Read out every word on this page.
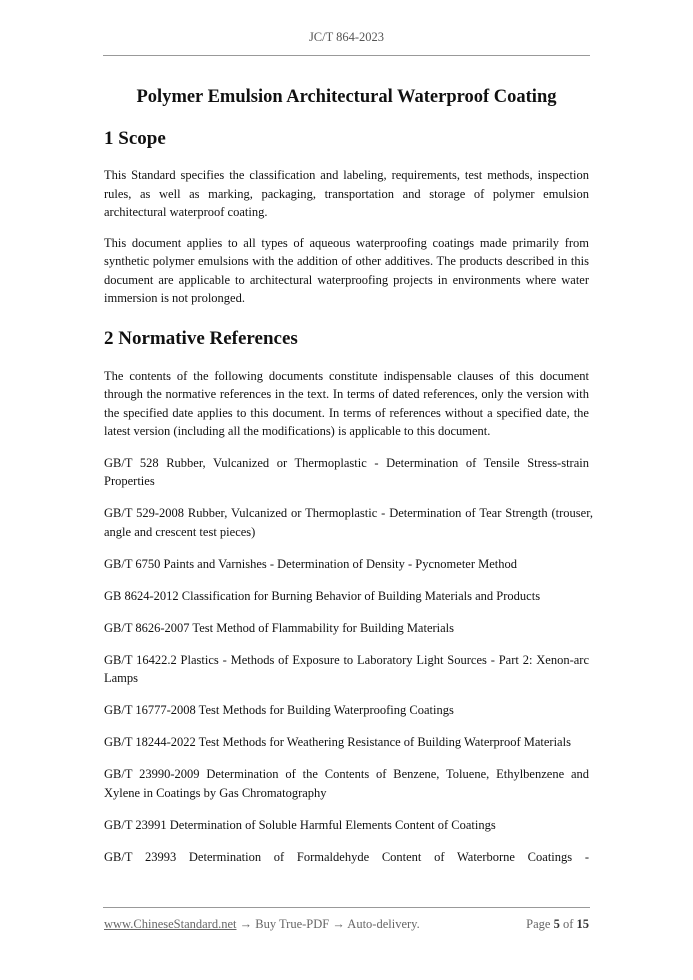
JC/T 864-2023
Polymer Emulsion Architectural Waterproof Coating
1 Scope

This Standard specifies the classification and labeling, requirements, test methods, inspection rules, as well as marking, packaging, transportation and storage of polymer emulsion architectural waterproof coating.

This document applies to all types of aqueous waterproofing coatings made primarily from synthetic polymer emulsions with the addition of other additives. The products described in this document are applicable to architectural waterproofing projects in environments where water immersion is not prolonged.

2 Normative References

The contents of the following documents constitute indispensable clauses of this document through the normative references in the text. In terms of dated references, only the version with the specified date applies to this document. In terms of references without a specified date, the latest version (including all the modifications) is applicable to this document.

GB/T 528 Rubber, Vulcanized or Thermoplastic - Determination of Tensile Stress-strain Properties

GB/T 529-2008 Rubber, Vulcanized or Thermoplastic - Determination of Tear Strength (trouser, angle and crescent test pieces)

GB/T 6750 Paints and Varnishes - Determination of Density - Pycnometer Method

GB 8624-2012 Classification for Burning Behavior of Building Materials and Products

GB/T 8626-2007 Test Method of Flammability for Building Materials

GB/T 16422.2 Plastics - Methods of Exposure to Laboratory Light Sources - Part 2: Xenon-arc Lamps

GB/T 16777-2008 Test Methods for Building Waterproofing Coatings

GB/T 18244-2022 Test Methods for Weathering Resistance of Building Waterproof Materials

GB/T 23990-2009 Determination of the Contents of Benzene, Toluene, Ethylbenzene and Xylene in Coatings by Gas Chromatography

GB/T 23991 Determination of Soluble Harmful Elements Content of Coatings

GB/T 23993 Determination of Formaldehyde Content of Waterborne Coatings -

www.ChineseStandard.net → Buy True-PDF → Auto-delivery.	Page 5 of 15
